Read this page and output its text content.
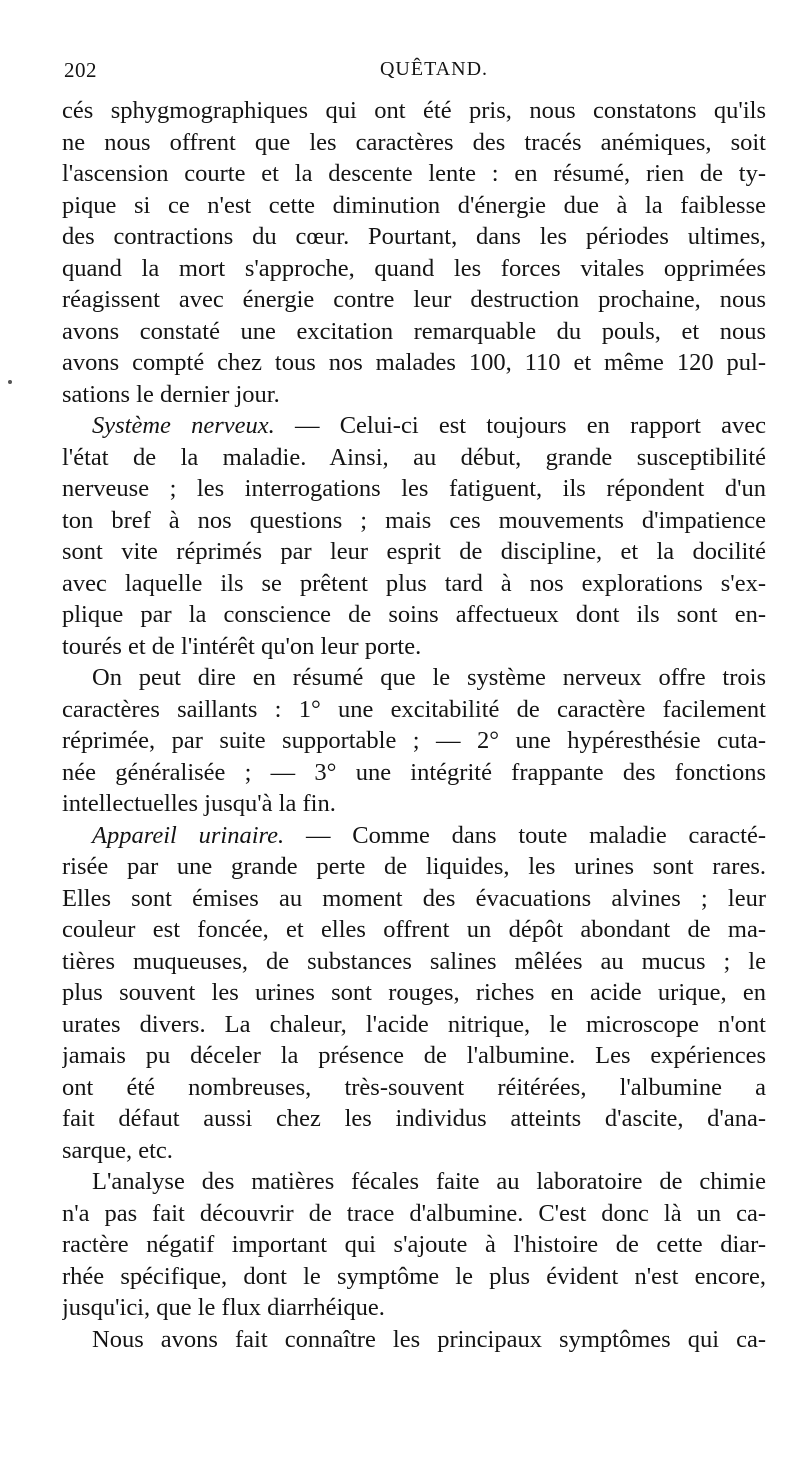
202	QUÊTAND.
cés sphygmographiques qui ont été pris, nous constatons qu'ils
ne nous offrent que les caractères des tracés anémiques, soit
l'ascension courte et la descente lente : en résumé, rien de ty-
pique si ce n'est cette diminution d'énergie due à la faiblesse
des contractions du cœur. Pourtant, dans les périodes ultimes,
quand la mort s'approche, quand les forces vitales opprimées
réagissent avec énergie contre leur destruction prochaine, nous
avons constaté une excitation remarquable du pouls, et nous
avons compté chez tous nos malades 100, 110 et même 120 pul-
sations le dernier jour.
Système nerveux. — Celui-ci est toujours en rapport avec
l'état de la maladie. Ainsi, au début, grande susceptibilité
nerveuse ; les interrogations les fatiguent, ils répondent d'un
ton bref à nos questions ; mais ces mouvements d'impatience
sont vite réprimés par leur esprit de discipline, et la docilité
avec laquelle ils se prêtent plus tard à nos explorations s'ex-
plique par la conscience de soins affectueux dont ils sont en-
tourés et de l'intérêt qu'on leur porte.
On peut dire en résumé que le système nerveux offre trois
caractères saillants : 1° une excitabilité de caractère facilement
réprimée, par suite supportable ; — 2° une hypéresthésie cuta-
née généralisée ; — 3° une intégrité frappante des fonctions
intellectuelles jusqu'à la fin.
Appareil urinaire. — Comme dans toute maladie caracté-
risée par une grande perte de liquides, les urines sont rares.
Elles sont émises au moment des évacuations alvines ; leur
couleur est foncée, et elles offrent un dépôt abondant de ma-
tières muqueuses, de substances salines mêlées au mucus ; le
plus souvent les urines sont rouges, riches en acide urique, en
urates divers. La chaleur, l'acide nitrique, le microscope n'ont
jamais pu déceler la présence de l'albumine. Les expériences
ont été nombreuses, très-souvent réitérées, l'albumine a
fait défaut aussi chez les individus atteints d'ascite, d'ana-
sarque, etc.
L'analyse des matières fécales faite au laboratoire de chimie
n'a pas fait découvrir de trace d'albumine. C'est donc là un ca-
ractère négatif important qui s'ajoute à l'histoire de cette diar-
rhée spécifique, dont le symptôme le plus évident n'est encore,
jusqu'ici, que le flux diarrhéique.
Nous avons fait connaître les principaux symptômes qui ca-
